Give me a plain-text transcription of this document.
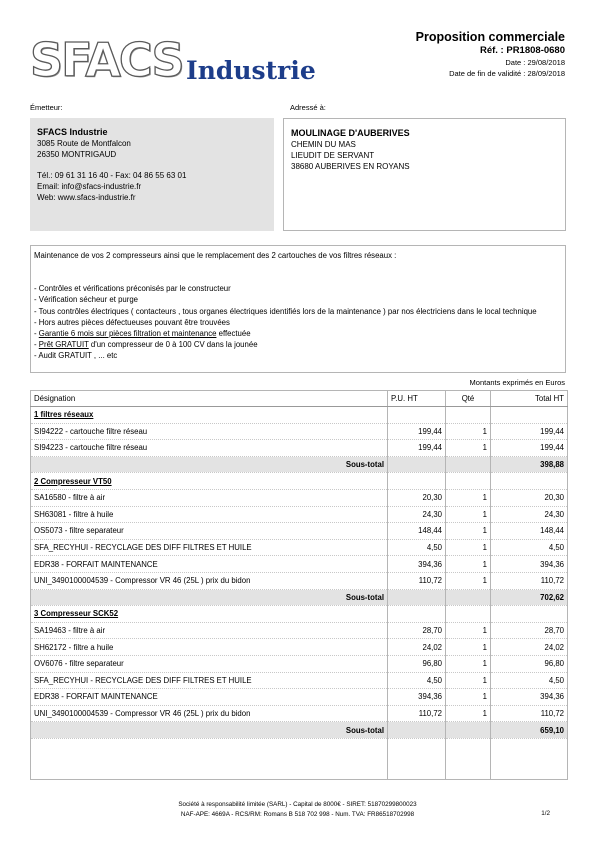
SFACS Industrie
Proposition commerciale
Réf. : PR1808-0680
Date : 29/08/2018
Date de fin de validité : 28/09/2018
Émetteur:	Adressé à:
SFACS Industrie
3085 Route de Montfalcon
26350 MONTRIGAUD
Tél.: 09 61 31 16 40 - Fax: 04 86 55 63 01
Email: info@sfacs-industrie.fr
Web: www.sfacs-industrie.fr
MOULINAGE D'AUBERIVES
CHEMIN DU MAS
LIEUDIT DE SERVANT
38680 AUBERIVES EN ROYANS
Maintenance de vos 2 compresseurs ainsi que le remplacement des 2 cartouches de vos filtres réseaux :
- Contrôles et vérifications préconisés par le constructeur
- Vérification sécheur et purge
- Tous contrôles électriques ( contacteurs , tous organes électriques identifiés lors de la maintenance ) par nos électriciens dans le local technique
- Hors autres pièces défectueuses pouvant être trouvées
- Garantie 6 mois sur pièces filtration et maintenance effectuée
- Prêt GRATUIT d'un compresseur de 0 à 100 CV dans la jounée
- Audit GRATUIT , ... etc
Montants exprimés en Euros
Désignation	P.U. HT	Qté	Total HT
1 filtres réseaux			
SI94222 - cartouche filtre réseau	199,44	1	199,44
SI94223 - cartouche filtre réseau	199,44	1	199,44
Sous-total			398,88
2 Compresseur VT50			
SA16580 - filtre à air	20,30	1	20,30
SH63081 - filtre à huile	24,30	1	24,30
OS5073 - filtre separateur	148,44	1	148,44
SFA_RECYHUI - RECYCLAGE DES DIFF FILTRES ET HUILE	4,50	1	4,50
EDR38 - FORFAIT MAINTENANCE	394,36	1	394,36
UNI_3490100004539 - Compressor VR 46 (25L ) prix du bidon	110,72	1	110,72
Sous-total			702,62
3 Compresseur SCK52			
SA19463 - filtre à air	28,70	1	28,70
SH62172 - filtre a huile	24,02	1	24,02
OV6076 - filtre separateur	96,80	1	96,80
SFA_RECYHUI - RECYCLAGE DES DIFF FILTRES ET HUILE	4,50	1	4,50
EDR38 - FORFAIT MAINTENANCE	394,36	1	394,36
UNI_3490100004539 - Compressor VR 46 (25L ) prix du bidon	110,72	1	110,72
Sous-total			659,10

Société à responsabilité limitée (SARL) - Capital de 8000€ - SIRET: 51870299800023
NAF-APE: 4669A - RCS/RM: Romans B 518 702 998 - Num. TVA: FR86518702998	1/2
